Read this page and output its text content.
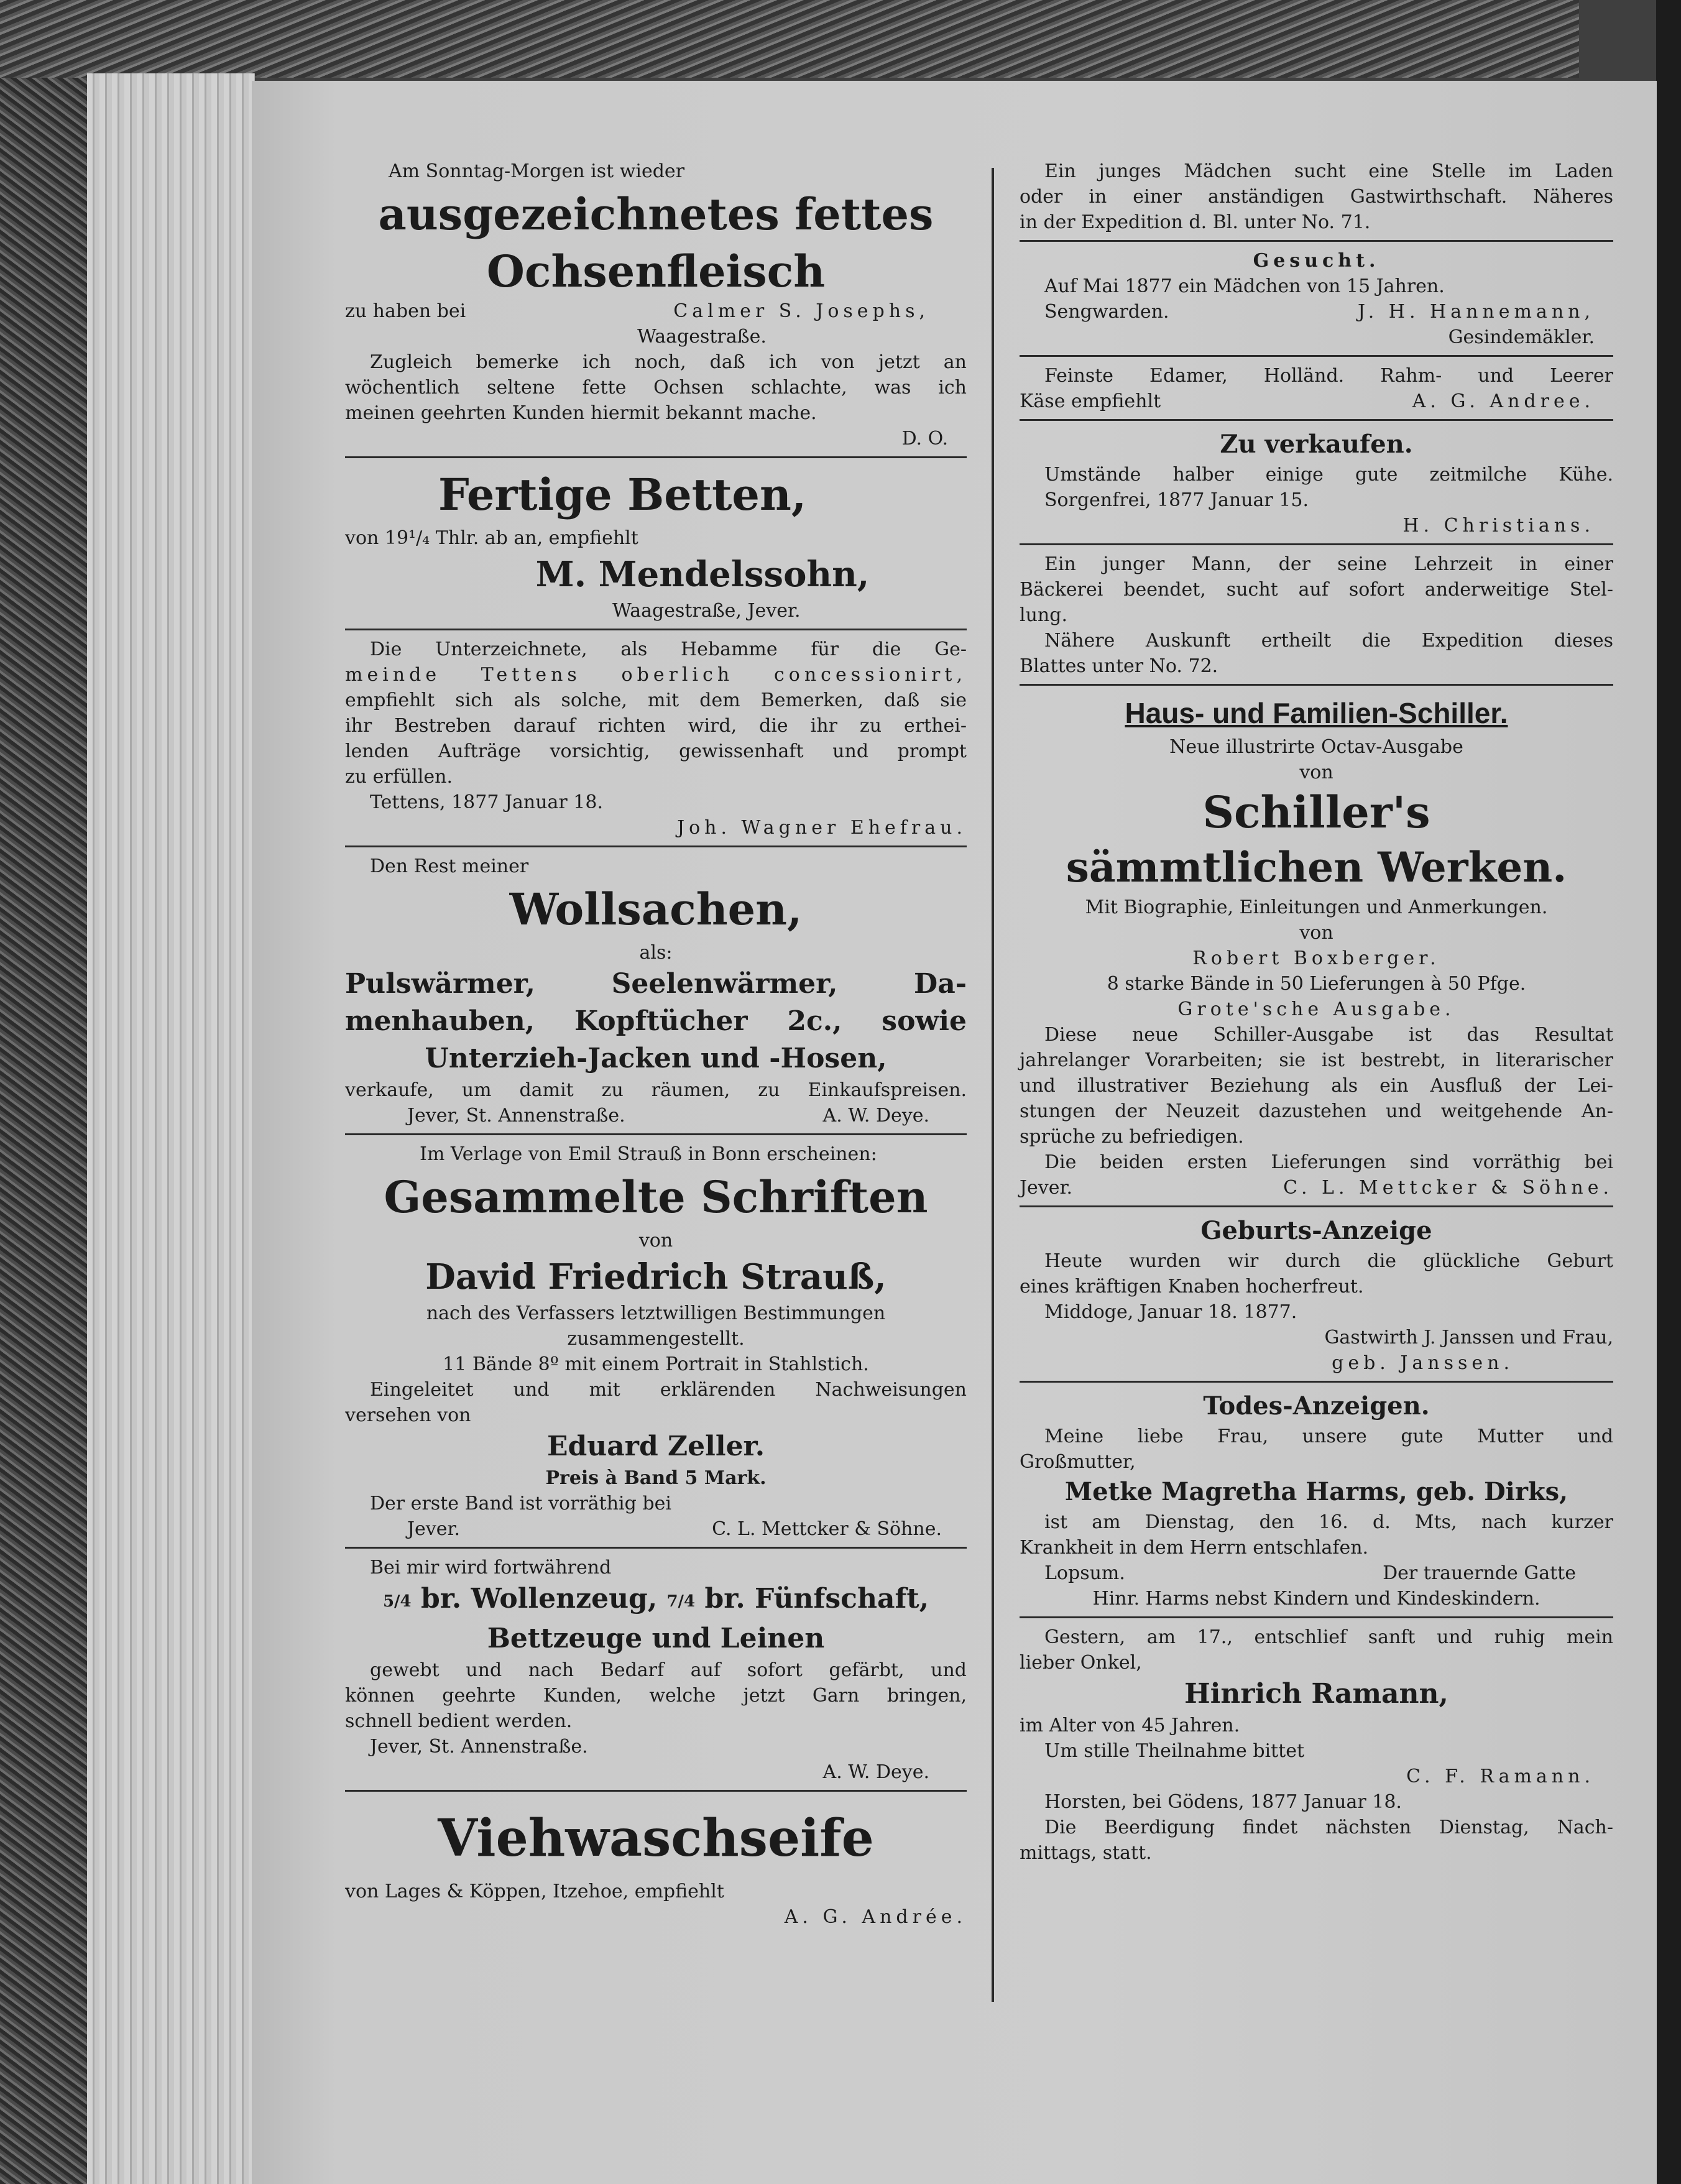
Am Sonntag-Morgen ist wieder
ausgezeichnetes fettes
Ochsenfleisch
zu haben bei	Calmer S. Josephs,
Waagestraße.
Zugleich bemerke ich noch, daß ich von jetzt an
wöchentlich seltene fette Ochsen schlachte, was ich
meinen geehrten Kunden hiermit bekannt mache.
D. O.
Fertige Betten,
von 19¹/₄ Thlr. ab an, empfiehlt
M. Mendelssohn,
Waagestraße, Jever.
Die Unterzeichnete, als Hebamme für die Ge-
meinde Tettens oberlich concessionirt,
empfiehlt sich als solche, mit dem Bemerken, daß sie
ihr Bestreben darauf richten wird, die ihr zu erthei-
lenden Aufträge vorsichtig, gewissenhaft und prompt
zu erfüllen.
Tettens, 1877 Januar 18.
Joh. Wagner Ehefrau.
Den Rest meiner
Wollsachen,
als:
Pulswärmer, Seelenwärmer, Da-
menhauben, Kopftücher 2c., sowie
Unterzieh-Jacken und -Hosen,
verkaufe, um damit zu räumen, zu Einkaufspreisen.
Jever, St. Annenstraße.	A. W. Deye.
Im Verlage von Emil Strauß in Bonn erscheinen:
Gesammelte Schriften
von
David Friedrich Strauß,
nach des Verfassers letztwilligen Bestimmungen
zusammengestellt.
11 Bände 8º mit einem Portrait in Stahlstich.
Eingeleitet und mit erklärenden Nachweisungen
versehen von
Eduard Zeller.
Preis à Band 5 Mark.
Der erste Band ist vorräthig bei
Jever.	C. L. Mettcker & Söhne.
Bei mir wird fortwährend
5/4 br. Wollenzeug, 7/4 br. Fünfschaft,
Bettzeuge und Leinen
gewebt und nach Bedarf auf sofort gefärbt, und
können geehrte Kunden, welche jetzt Garn bringen,
schnell bedient werden.
Jever, St. Annenstraße.
A. W. Deye.
Viehwaschseife
von Lages & Köppen, Itzehoe, empfiehlt
A. G. Andrée.
Ein junges Mädchen sucht eine Stelle im Laden
oder in einer anständigen Gastwirthschaft. Näheres
in der Expedition d. Bl. unter No. 71.
Gesucht.
Auf Mai 1877 ein Mädchen von 15 Jahren.
Sengwarden.	J. H. Hannemann,
Gesindemäkler.
Feinste Edamer, Holländ. Rahm- und Leerer
Käse empfiehlt	A. G. Andree.
Zu verkaufen.
Umstände halber einige gute zeitmilche Kühe.
Sorgenfrei, 1877 Januar 15.
H. Christians.
Ein junger Mann, der seine Lehrzeit in einer
Bäckerei beendet, sucht auf sofort anderweitige Stel-
lung.
Nähere Auskunft ertheilt die Expedition dieses
Blattes unter No. 72.
Haus- und Familien-Schiller.
Neue illustrirte Octav-Ausgabe
von
Schiller's
sämmtlichen Werken.
Mit Biographie, Einleitungen und Anmerkungen.
von
Robert Boxberger.
8 starke Bände in 50 Lieferungen à 50 Pfge.
Grote'sche Ausgabe.
Diese neue Schiller-Ausgabe ist das Resultat
jahrelanger Vorarbeiten; sie ist bestrebt, in literarischer
und illustrativer Beziehung als ein Ausfluß der Lei-
stungen der Neuzeit dazustehen und weitgehende An-
sprüche zu befriedigen.
Die beiden ersten Lieferungen sind vorräthig bei
Jever.	C. L. Mettcker & Söhne.
Geburts-Anzeige
Heute wurden wir durch die glückliche Geburt
eines kräftigen Knaben hocherfreut.
Middoge, Januar 18. 1877.
Gastwirth J. Janssen und Frau,
geb. Janssen.
Todes-Anzeigen.
Meine liebe Frau, unsere gute Mutter und
Großmutter,
Metke Magretha Harms, geb. Dirks,
ist am Dienstag, den 16. d. Mts, nach kurzer
Krankheit in dem Herrn entschlafen.
Lopsum.	Der trauernde Gatte
Hinr. Harms nebst Kindern und Kindeskindern.
Gestern, am 17., entschlief sanft und ruhig mein
lieber Onkel,
Hinrich Ramann,
im Alter von 45 Jahren.
Um stille Theilnahme bittet
C. F. Ramann.
Horsten, bei Gödens, 1877 Januar 18.
Die Beerdigung findet nächsten Dienstag, Nach-
mittags, statt.
